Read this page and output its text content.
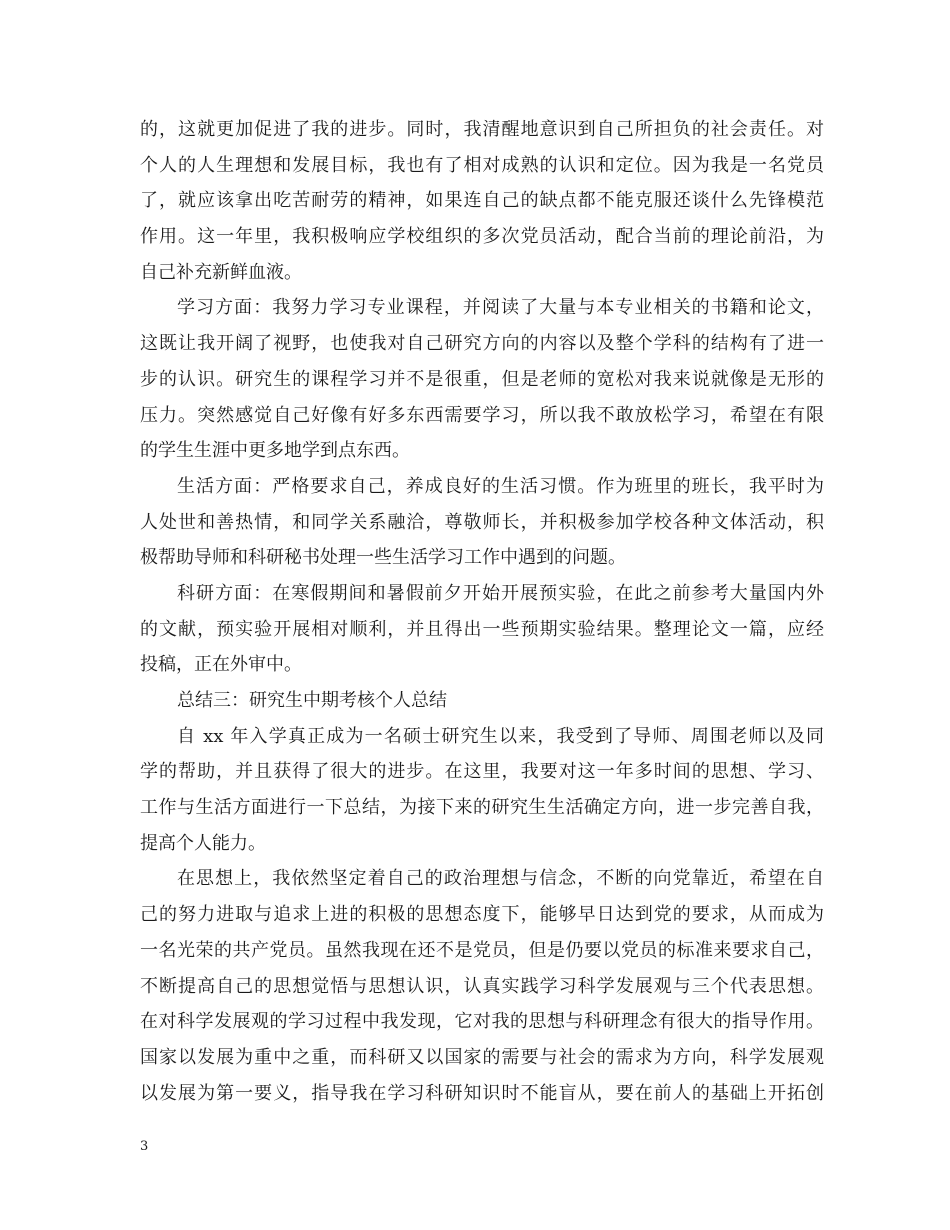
的，这就更加促进了我的进步。同时，我清醒地意识到自己所担负的社会责任。对
个人的人生理想和发展目标，我也有了相对成熟的认识和定位。因为我是一名党员
了，就应该拿出吃苦耐劳的精神，如果连自己的缺点都不能克服还谈什么先锋模范
作用。这一年里，我积极响应学校组织的多次党员活动，配合当前的理论前沿，为
自己补充新鲜血液。
学习方面：我努力学习专业课程，并阅读了大量与本专业相关的书籍和论文，
这既让我开阔了视野，也使我对自己研究方向的内容以及整个学科的结构有了进一
步的认识。研究生的课程学习并不是很重，但是老师的宽松对我来说就像是无形的
压力。突然感觉自己好像有好多东西需要学习，所以我不敢放松学习，希望在有限
的学生生涯中更多地学到点东西。
生活方面：严格要求自己，养成良好的生活习惯。作为班里的班长，我平时为
人处世和善热情，和同学关系融洽，尊敬师长，并积极参加学校各种文体活动，积
极帮助导师和科研秘书处理一些生活学习工作中遇到的问题。
科研方面：在寒假期间和暑假前夕开始开展预实验，在此之前参考大量国内外
的文献，预实验开展相对顺利，并且得出一些预期实验结果。整理论文一篇，应经
投稿，正在外审中。
总结三：研究生中期考核个人总结
自 xx 年入学真正成为一名硕士研究生以来，我受到了导师、周围老师以及同
学的帮助，并且获得了很大的进步。在这里，我要对这一年多时间的思想、学习、
工作与生活方面进行一下总结，为接下来的研究生生活确定方向，进一步完善自我，
提高个人能力。
在思想上，我依然坚定着自己的政治理想与信念，不断的向党靠近，希望在自
己的努力进取与追求上进的积极的思想态度下，能够早日达到党的要求，从而成为
一名光荣的共产党员。虽然我现在还不是党员，但是仍要以党员的标准来要求自己，
不断提高自己的思想觉悟与思想认识，认真实践学习科学发展观与三个代表思想。
在对科学发展观的学习过程中我发现，它对我的思想与科研理念有很大的指导作用。
国家以发展为重中之重，而科研又以国家的需要与社会的需求为方向，科学发展观
以发展为第一要义，指导我在学习科研知识时不能盲从，要在前人的基础上开拓创
3
